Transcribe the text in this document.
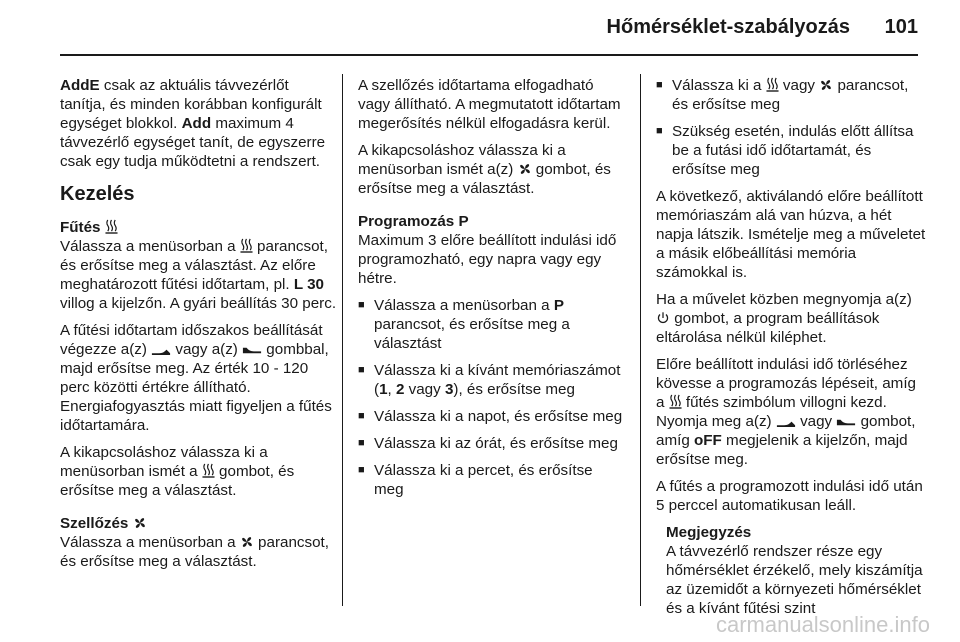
Hőmérséklet-szabályozás 101

AddE csak az aktuális távvezérlőt tanítja, és minden korábban konfigurált egységet blokkol. Add maximum 4 távvezérlő egységet tanít, de egyszerre csak egy tudja működtetni a rendszert.

Kezelés

Fűtés

Válassza a menüsorban a  parancsot, és erősítse meg a választást. Az előre meghatározott fűtési időtartam, pl. L 30 villog a kijelzőn. A gyári beállítás 30 perc.

A fűtési időtartam időszakos beállítását végezze a(z)  vagy a(z)  gombbal, majd erősítse meg. Az érték 10 - 120 perc közötti értékre állítható. Energiafogyasztás miatt figyeljen a fűtés időtartamára.

A kikapcsoláshoz válassza ki a menüsorban ismét a  gombot, és erősítse meg a választást.

Szellőzés

Válassza a menüsorban a  parancsot, és erősítse meg a választást.

A szellőzés időtartama elfogadható vagy állítható. A megmutatott időtartam megerősítés nélkül elfogadásra kerül.

A kikapcsoláshoz válassza ki a menüsorban ismét a(z)  gombot, és erősítse meg a választást.

Programozás P

Maximum 3 előre beállított indulási idő programozható, egy napra vagy egy hétre.

■ Válassza a menüsorban a P parancsot, és erősítse meg a választást
■ Válassza ki a kívánt memóriaszámot (1, 2 vagy 3), és erősítse meg
■ Válassza ki a napot, és erősítse meg
■ Válassza ki az órát, és erősítse meg
■ Válassza ki a percet, és erősítse meg
■ Válassza ki a  vagy  parancsot, és erősítse meg
■ Szükség esetén, indulás előtt állítsa be a futási idő időtartamát, és erősítse meg

A következő, aktiválandó előre beállított memóriaszám alá van húzva, a hét napja látszik. Ismételje meg a műveletet a másik előbeállítási memória számokkal is.

Ha a művelet közben megnyomja a(z)  gombot, a program beállítások eltárolása nélkül kiléphet.

Előre beállított indulási idő törléséhez kövesse a programozás lépéseit, amíg a  fűtés szimbólum villogni kezd. Nyomja meg a(z)  vagy  gombot, amíg oFF megjelenik a kijelzőn, majd erősítse meg.

A fűtés a programozott indulási idő után 5 perccel automatikusan leáll.

Megjegyzés

A távvezérlő rendszer része egy hőmérséklet érzékelő, mely kiszámítja az üzemidőt a környezeti hőmérséklet és a kívánt fűtési szint

carmanualsonline.info
